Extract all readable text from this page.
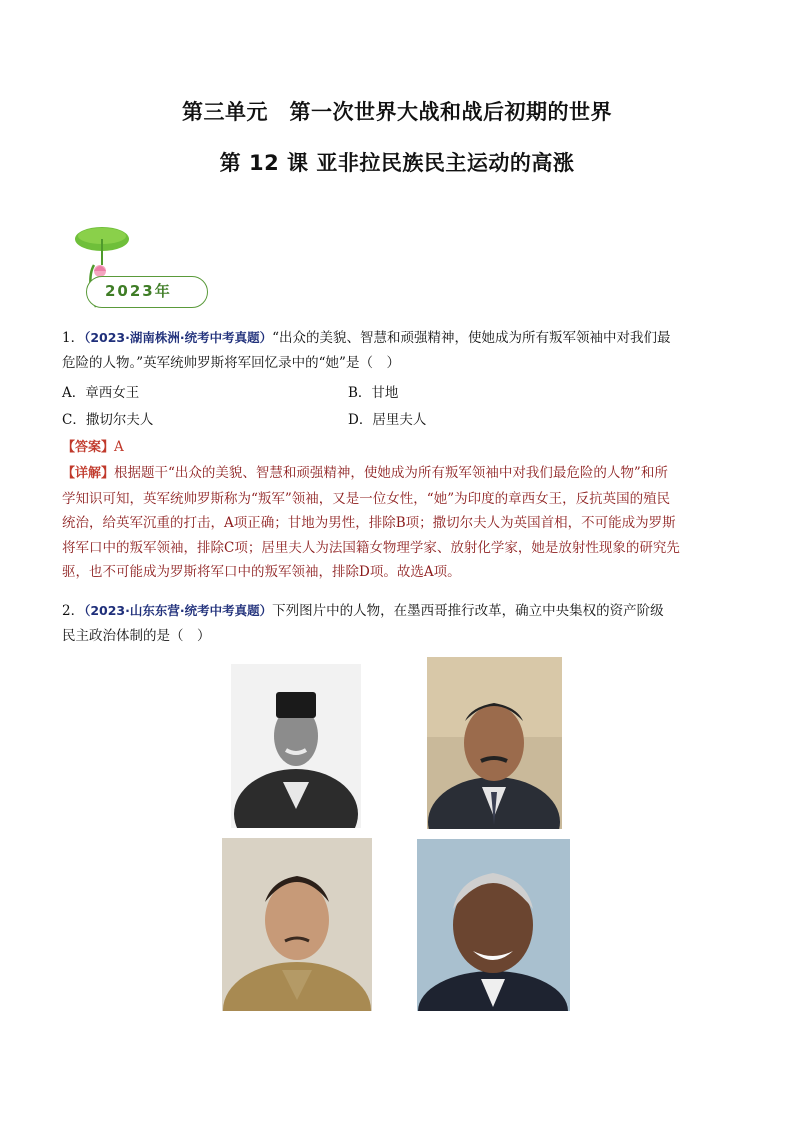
第三单元　第一次世界大战和战后初期的世界
第 12 课 亚非拉民族民主运动的高涨
2023年
1．（2023·湖南株洲·统考中考真题）“出众的美貌、智慧和顽强精神，使她成为所有叛军领袖中对我们最
危险的人物。”英军统帅罗斯将军回忆录中的“她”是（　）
A．章西女王	B．甘地
C．撒切尔夫人	D．居里夫人
【答案】A
【详解】根据题干“出众的美貌、智慧和顽强精神，使她成为所有叛军领袖中对我们最危险的人物”和所
学知识可知，英军统帅罗斯称为“叛军”领袖，又是一位女性，“她”为印度的章西女王，反抗英国的殖民
统治，给英军沉重的打击，A项正确；甘地为男性，排除B项；撒切尔夫人为英国首相，不可能成为罗斯
将军口中的叛军领袖，排除C项；居里夫人为法国籍女物理学家、放射化学家，她是放射性现象的研究先
驱，也不可能成为罗斯将军口中的叛军领袖，排除D项。故选A项。
2．（2023·山东东营·统考中考真题）下列图片中的人物，在墨西哥推行改革，确立中央集权的资产阶级
民主政治体制的是（　）
